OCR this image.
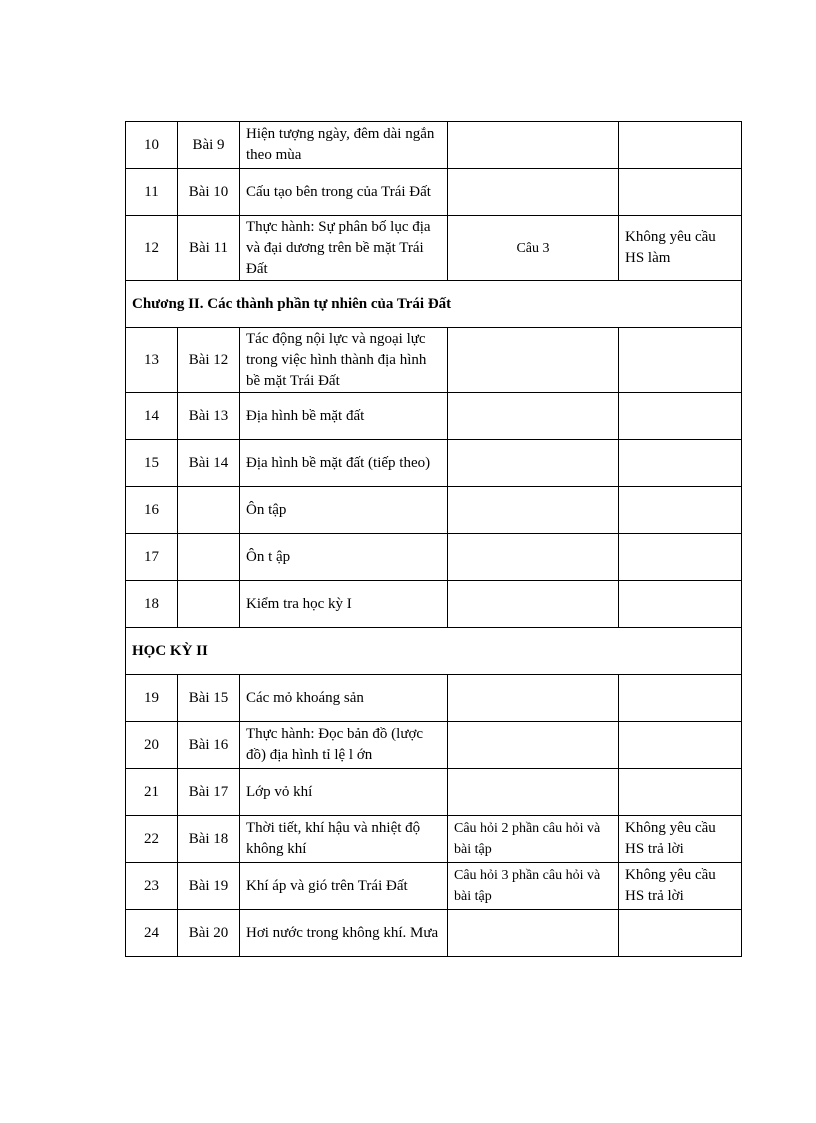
10	Bài 9	Hiện tượng ngày, đêm dài ngắn theo mùa		
11	Bài 10	Cấu tạo bên trong của Trái Đất		
12	Bài 11	Thực hành: Sự phân bố lục địa và đại dương trên bề mặt Trái Đất	Câu 3	Không yêu cầu HS làm
Chương II. Các thành phần tự nhiên của Trái Đất				
13	Bài 12	Tác động nội lực và ngoại lực trong việc hình thành địa hình bề mặt Trái Đất		
14	Bài 13	Địa hình bề mặt đất		
15	Bài 14	Địa hình bề mặt đất (tiếp theo)		
16		Ôn tập		
17		Ôn t ập		
18		Kiểm tra học kỳ I		
HỌC KỲ II				
19	Bài 15	Các mỏ khoáng sản		
20	Bài 16	Thực hành: Đọc bản đồ (lược đồ) địa hình tỉ lệ l ớn		
21	Bài 17	Lớp vỏ khí		
22	Bài 18	Thời tiết, khí hậu và nhiệt độ không khí	Câu hỏi 2 phần câu hỏi và bài tập	Không yêu cầu HS trả lời
23	Bài 19	Khí áp và gió trên Trái Đất	Câu hỏi 3 phần câu hỏi và bài tập	Không yêu cầu HS trả lời
24	Bài 20	Hơi nước trong không khí. Mưa		
